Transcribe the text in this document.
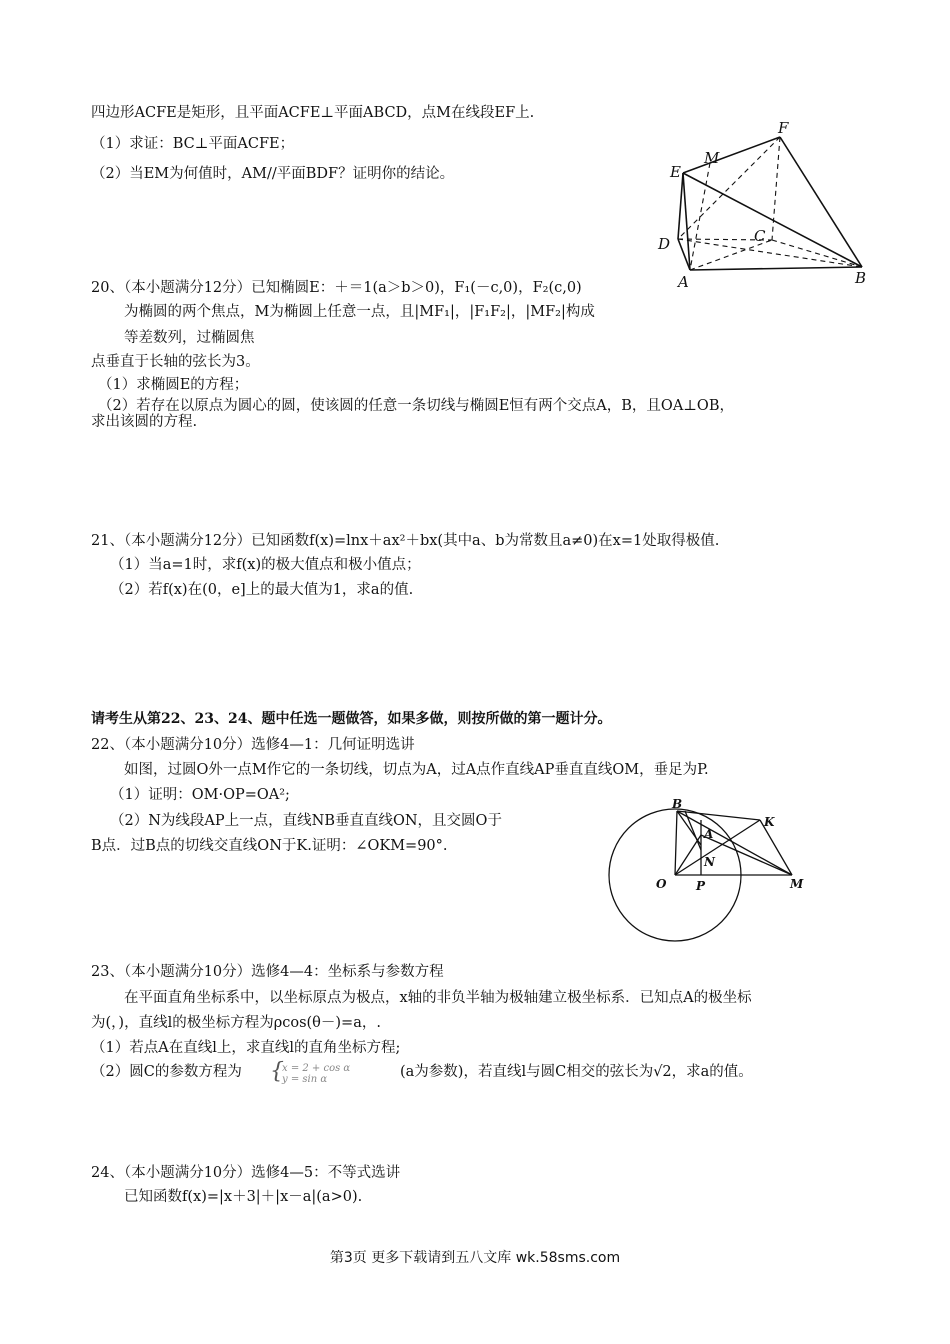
四边形ACFE是矩形，且平面ACFE⊥平面ABCD，点M在线段EF上.
（1）求证：BC⊥平面ACFE；
（2）当EM为何值时，AM//平面BDF？证明你的结论。
F
M
E
C
D
A	B
20、（本小题满分12分）已知椭圆E：＋＝1(a＞b＞0)，F₁(－c,0)，F₂(c,0)
为椭圆的两个焦点，M为椭圆上任意一点，且|MF₁|，|F₁F₂|，|MF₂|构成
等差数列，过椭圆焦
点垂直于长轴的弦长为3。
（1）求椭圆E的方程；
（2）若存在以原点为圆心的圆，使该圆的任意一条切线与椭圆E恒有两个交点A，B，且OA⊥OB，
求出该圆的方程.
21、（本小题满分12分）已知函数f(x)=lnx＋ax²＋bx(其中a、b为常数且a≠0)在x=1处取得极值.
（1）当a=1时，求f(x)的极大值点和极小值点；
（2）若f(x)在(0，e]上的最大值为1，求a的值.
请考生从第22、23、24、题中任选一题做答，如果多做，则按所做的第一题计分。
22、（本小题满分10分）选修4—1：几何证明选讲
如图，过圆O外一点M作它的一条切线，切点为A，过A点作直线AP垂直直线OM，垂足为P.
（1）证明：OM·OP=OA²;
（2）N为线段AP上一点，直线NB垂直直线ON，且交圆O于
B点．过B点的切线交直线ON于K.证明：∠OKM=90°.
B
K
A
N
O P	M
23、（本小题满分10分）选修4—4：坐标系与参数方程
在平面直角坐标系中，以坐标原点为极点，x轴的非负半轴为极轴建立极坐标系．已知点A的极坐标
为(，)，直线l的极坐标方程为ρcos(θ－)=a，.
（1）若点A在直线l上，求直线l的直角坐标方程;
（2）圆C的参数方程为 {
x = 2 + cos α
y = sin α	(a为参数)，若直线l与圆C相交的弦长为√2，求a的值。
24、（本小题满分10分）选修4—5：不等式选讲
已知函数f(x)=|x＋3|＋|x－a|(a>0).
第3页 更多下载请到五八文库 wk.58sms.com
